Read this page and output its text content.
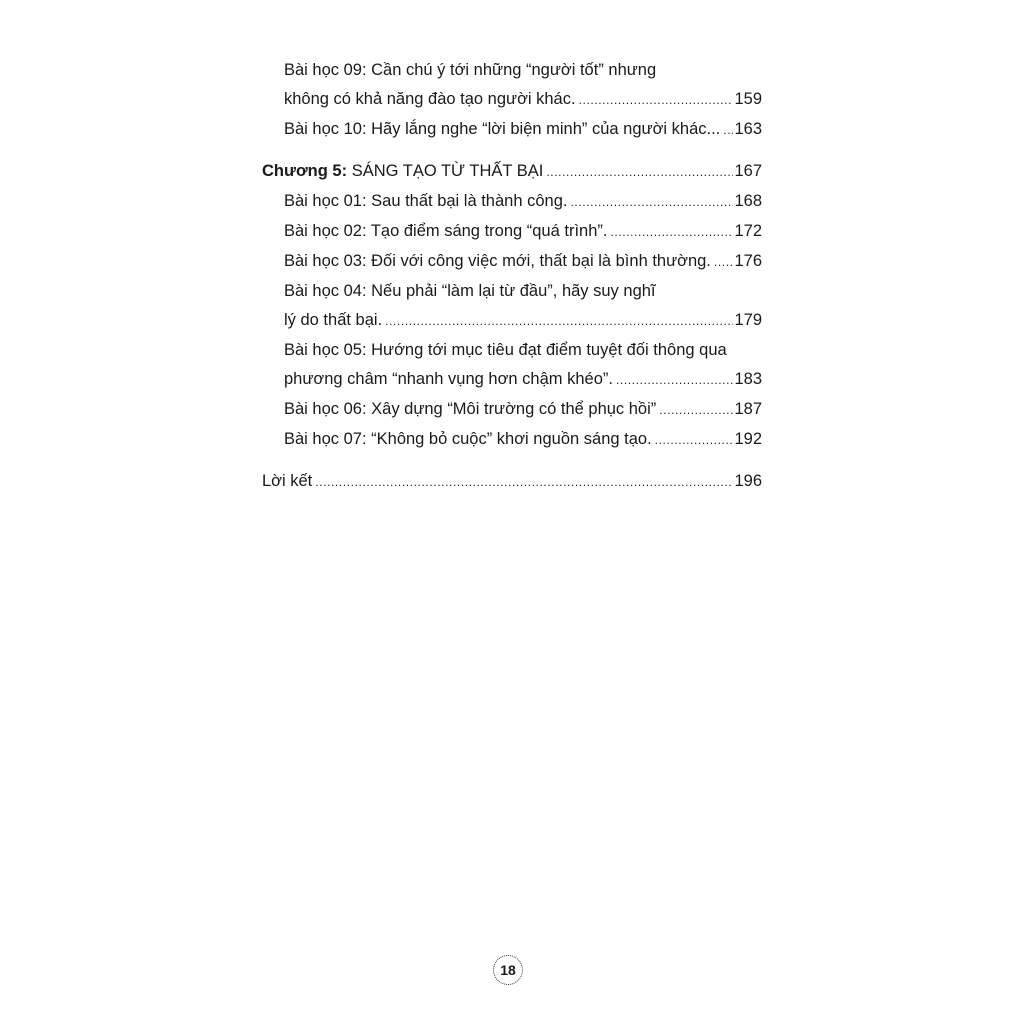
Bài học 09: Cần chú ý tới những “người tốt” nhưng
không có khả năng đào tạo người khác. .....	159
Bài học 10: Hãy lắng nghe “lời biện minh” của người khác... ..... 163
Chương 5: SÁNG TẠO TỪ THẤT BẠI .....	167
Bài học 01: Sau thất bại là thành công. .....	168
Bài học 02: Tạo điểm sáng trong “quá trình”. .....	172
Bài học 03: Đối với công việc mới, thất bại là bình thường. ..... 176
Bài học 04: Nếu phải “làm lại từ đầu”, hãy suy nghĩ
lý do thất bại. .....	179
Bài học 05: Hướng tới mục tiêu đạt điểm tuyệt đối thông qua
phương châm “nhanh vụng hơn chậm khéo”. .....	183
Bài học 06: Xây dựng “Môi trường có thể phục hồi” .....	187
Bài học 07: “Không bỏ cuộc” khơi nguồn sáng tạo. .....	192
Lời kết .....	196
18
